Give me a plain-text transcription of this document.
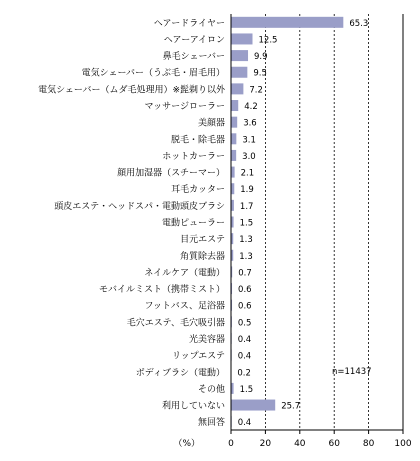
ヘアードライヤー	65.3
ヘアーアイロン	12.5
鼻毛シェーバー	9.9
電気シェーバー（うぶ毛・眉毛用）	9.5
電気シェーバー（ムダ毛処理用）※髭剃り以外	7.2
マッサージローラー 4.2
美顔器 3.6
脱毛・除毛器 3.1
ホットカーラー 3.0
顔用加湿器（スチーマー） 2.1
耳毛カッター 1.9
頭皮エステ・ヘッドスパ・電動頭皮ブラシ 1.7
電動ピューラー 1.5
目元エステ 1.3
角質除去器 1.3
ネイルケア（電動） 0.7
モバイルミスト（携帯ミスト） 0.6
フットバス、足浴器 0.6
毛穴エステ、毛穴吸引器 0.5
光美容器 0.4
リップエステ 0.4
ボディブラシ（電動） 0.2
その他 1.5
利用していない	25.7
無回答 0.4
n=11437
0	20	40	60	80 100
（%）
